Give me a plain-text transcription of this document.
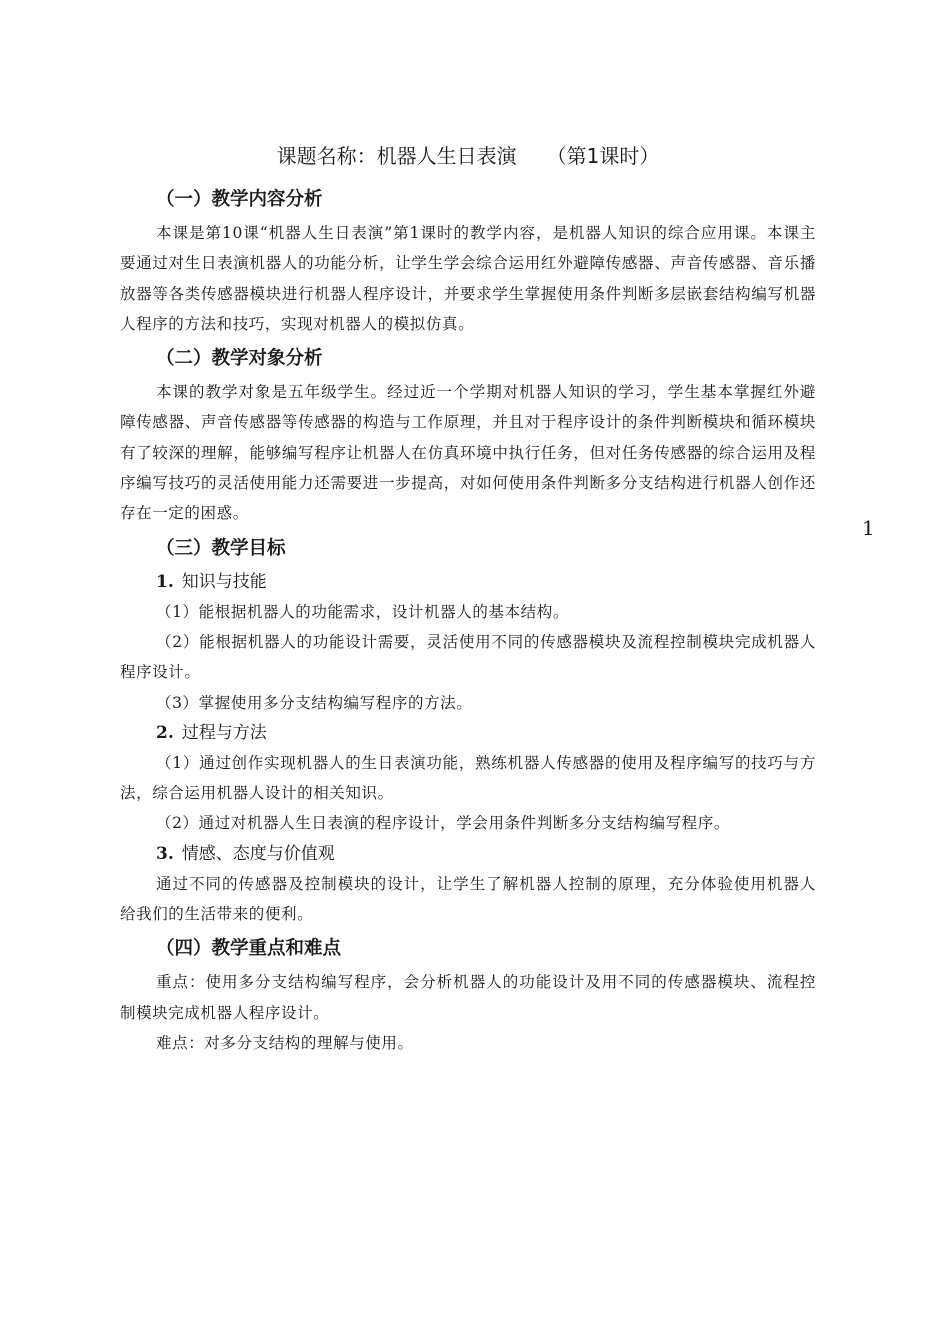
课题名称：机器人生日表演 （第1课时）
（一）教学内容分析

本课是第10课“机器人生日表演”第1课时的教学内容，是机器人知识的综合应用课。本课主要通过对生日表演机器人的功能分析，让学生学会综合运用红外避障传感器、声音传感器、音乐播放器等各类传感器模块进行机器人程序设计，并要求学生掌握使用条件判断多层嵌套结构编写机器人程序的方法和技巧，实现对机器人的模拟仿真。

（二）教学对象分析

本课的教学对象是五年级学生。经过近一个学期对机器人知识的学习，学生基本掌握红外避障传感器、声音传感器等传感器的构造与工作原理，并且对于程序设计的条件判断模块和循环模块有了较深的理解，能够编写程序让机器人在仿真环境中执行任务，但对任务传感器的综合运用及程序编写技巧的灵活使用能力还需要进一步提高，对如何使用条件判断多分支结构进行机器人创作还存在一定的困惑。

（三）教学目标
1. 知识与技能

（1）能根据机器人的功能需求，设计机器人的基本结构。

（2）能根据机器人的功能设计需要，灵活使用不同的传感器模块及流程控制模块完成机器人程序设计。

（3）掌握使用多分支结构编写程序的方法。

2. 过程与方法

（1）通过创作实现机器人的生日表演功能，熟练机器人传感器的使用及程序编写的技巧与方法，综合运用机器人设计的相关知识。

（2）通过对机器人生日表演的程序设计，学会用条件判断多分支结构编写程序。

3. 情感、态度与价值观

通过不同的传感器及控制模块的设计，让学生了解机器人控制的原理，充分体验使用机器人给我们的生活带来的便利。

（四）教学重点和难点

重点：使用多分支结构编写程序，会分析机器人的功能设计及用不同的传感器模块、流程控制模块完成机器人程序设计。

难点：对多分支结构的理解与使用。

1
